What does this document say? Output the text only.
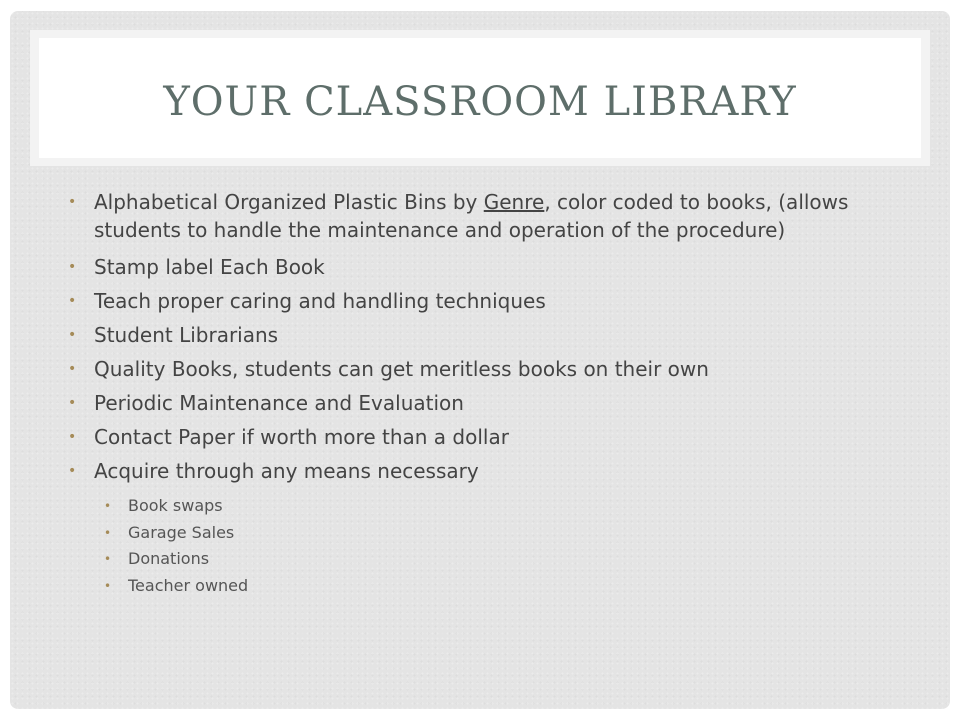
YOUR CLASSROOM LIBRARY
• Alphabetical Organized Plastic Bins by Genre, color coded to books, (allows students to handle the maintenance and operation of the procedure)
• Stamp label Each Book
• Teach proper caring and handling techniques
• Student Librarians
• Quality Books, students can get meritless books on their own
• Periodic Maintenance and Evaluation
• Contact Paper if worth more than a dollar
• Acquire through any means necessary
• Book swaps
• Garage Sales
• Donations
• Teacher owned
